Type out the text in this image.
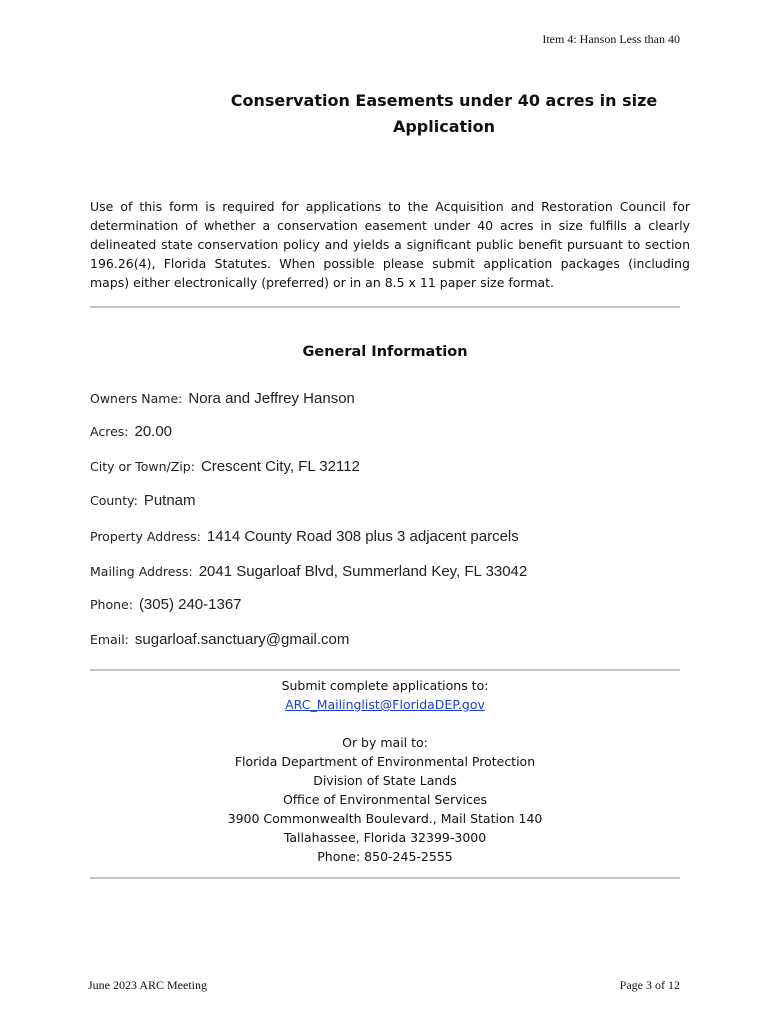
Item 4: Hanson Less than 40
Conservation Easements under 40 acres in size
Application
Use of this form is required for applications to the Acquisition and Restoration Council for determination of whether a conservation easement under 40 acres in size fulfills a clearly delineated state conservation policy and yields a significant public benefit pursuant to section 196.26(4), Florida Statutes. When possible please submit application packages (including maps) either electronically (preferred) or in an 8.5 x 11 paper size format.
General Information
Owners Name: Nora and Jeffrey Hanson
Acres: 20.00
City or Town/Zip: Crescent City, FL 32112
County: Putnam
Property Address: 1414 County Road 308 plus 3 adjacent parcels
Mailing Address: 2041 Sugarloaf Blvd, Summerland Key, FL 33042
Phone: (305) 240-1367
Email: sugarloaf.sanctuary@gmail.com
Submit complete applications to:
ARC_Mailinglist@FloridaDEP.gov
Or by mail to:
Florida Department of Environmental Protection
Division of State Lands
Office of Environmental Services
3900 Commonwealth Boulevard., Mail Station 140
Tallahassee, Florida 32399-3000
Phone: 850-245-2555
June 2023 ARC Meeting	Page 3 of 12
